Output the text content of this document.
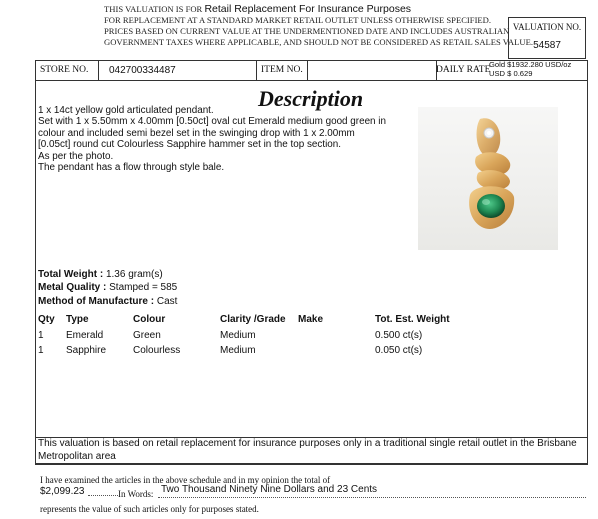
THIS VALUATION IS FOR Retail Replacement For Insurance Purposes
FOR REPLACEMENT AT A STANDARD MARKET RETAIL OUTLET UNLESS OTHERWISE SPECIFIED.
PRICES BASED ON CURRENT VALUE AT THE UNDERMENTIONED DATE AND INCLUDES AUSTRALIAN
GOVERNMENT TAXES WHERE APPLICABLE, AND SHOULD NOT BE CONSIDERED AS RETAIL SALES VALUE.
VALUATION NO.
54587
STORE NO.	042700334487	ITEM NO.	DAILY RATE
Gold $1932.280 USD/oz
USD $ 0.629
Description
1 x 14ct yellow gold articulated pendant.
Set with 1 x 5.50mm x 4.00mm [0.50ct] oval cut Emerald medium good green in
colour and included semi bezel set in the swinging drop with 1 x 2.00mm
[0.05ct] round cut Colourless Sapphire hammer set in the top section.
As per the photo.
The pendant has a flow through style bale.
Total Weight : 1.36 gram(s)
Metal Quality : Stamped = 585
Method of Manufacture : Cast
Qty Type	Colour	Clarity /Grade Make	Tot. Est. Weight
1 Emerald	Green	Medium	0.500 ct(s)
1 Sapphire	Colourless	Medium	0.050 ct(s)
This valuation is based on retail replacement for insurance purposes only in a traditional single retail outlet in the Brisbane Metropolitan area
I have examined the articles in the above schedule and in my opinion the total of
$2,099.23	In Words: Two Thousand Ninety Nine Dollars and 23 Cents
represents the value of such articles only for purposes stated.
